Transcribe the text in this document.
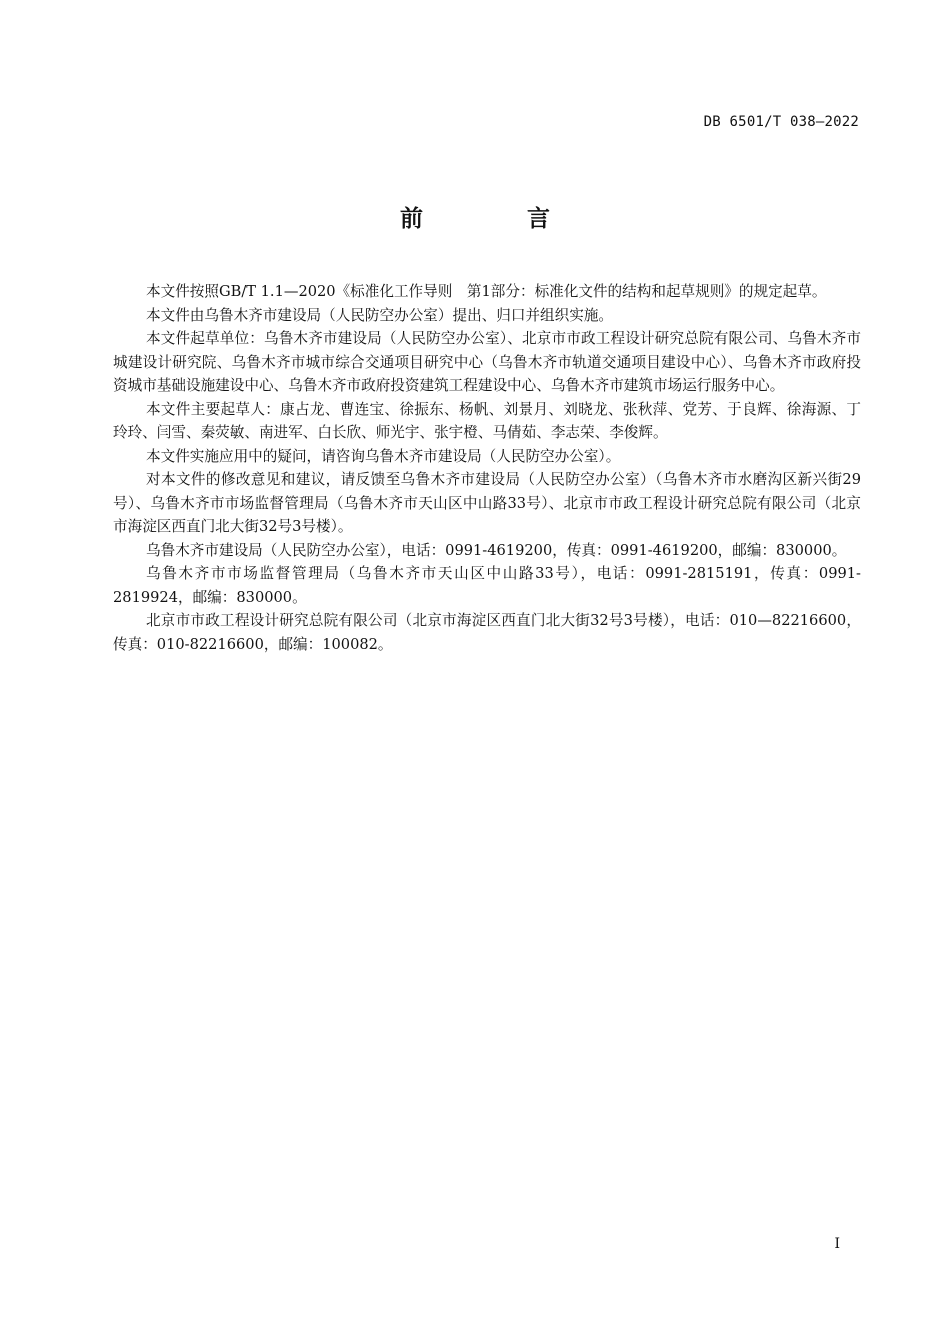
DB 6501/T 038—2022
前 言

本文件按照GB/T 1.1—2020《标准化工作导则　第1部分：标准化文件的结构和起草规则》的规定起草。

本文件由乌鲁木齐市建设局（人民防空办公室）提出、归口并组织实施。

本文件起草单位：乌鲁木齐市建设局（人民防空办公室）、北京市市政工程设计研究总院有限公司、乌鲁木齐市城建设计研究院、乌鲁木齐市城市综合交通项目研究中心（乌鲁木齐市轨道交通项目建设中心）、乌鲁木齐市政府投资城市基础设施建设中心、乌鲁木齐市政府投资建筑工程建设中心、乌鲁木齐市建筑市场运行服务中心。

本文件主要起草人：康占龙、曹连宝、徐振东、杨帆、刘景月、刘晓龙、张秋萍、党芳、于良辉、徐海源、丁玲玲、闫雪、秦荧敏、南进军、白长欣、师光宇、张宇橙、马倩茹、李志荣、李俊辉。

本文件实施应用中的疑问，请咨询乌鲁木齐市建设局（人民防空办公室）。

对本文件的修改意见和建议，请反馈至乌鲁木齐市建设局（人民防空办公室）（乌鲁木齐市水磨沟区新兴街29号）、乌鲁木齐市市场监督管理局（乌鲁木齐市天山区中山路33号）、北京市市政工程设计研究总院有限公司（北京市海淀区西直门北大街32号3号楼）。

乌鲁木齐市建设局（人民防空办公室），电话：0991-4619200，传真：0991-4619200，邮编：830000。

乌鲁木齐市市场监督管理局（乌鲁木齐市天山区中山路33号），电话：0991-2815191，传真：0991-2819924，邮编：830000。

北京市市政工程设计研究总院有限公司（北京市海淀区西直门北大街32号3号楼），电话：010—82216600，传真：010-82216600，邮编：100082。

I
